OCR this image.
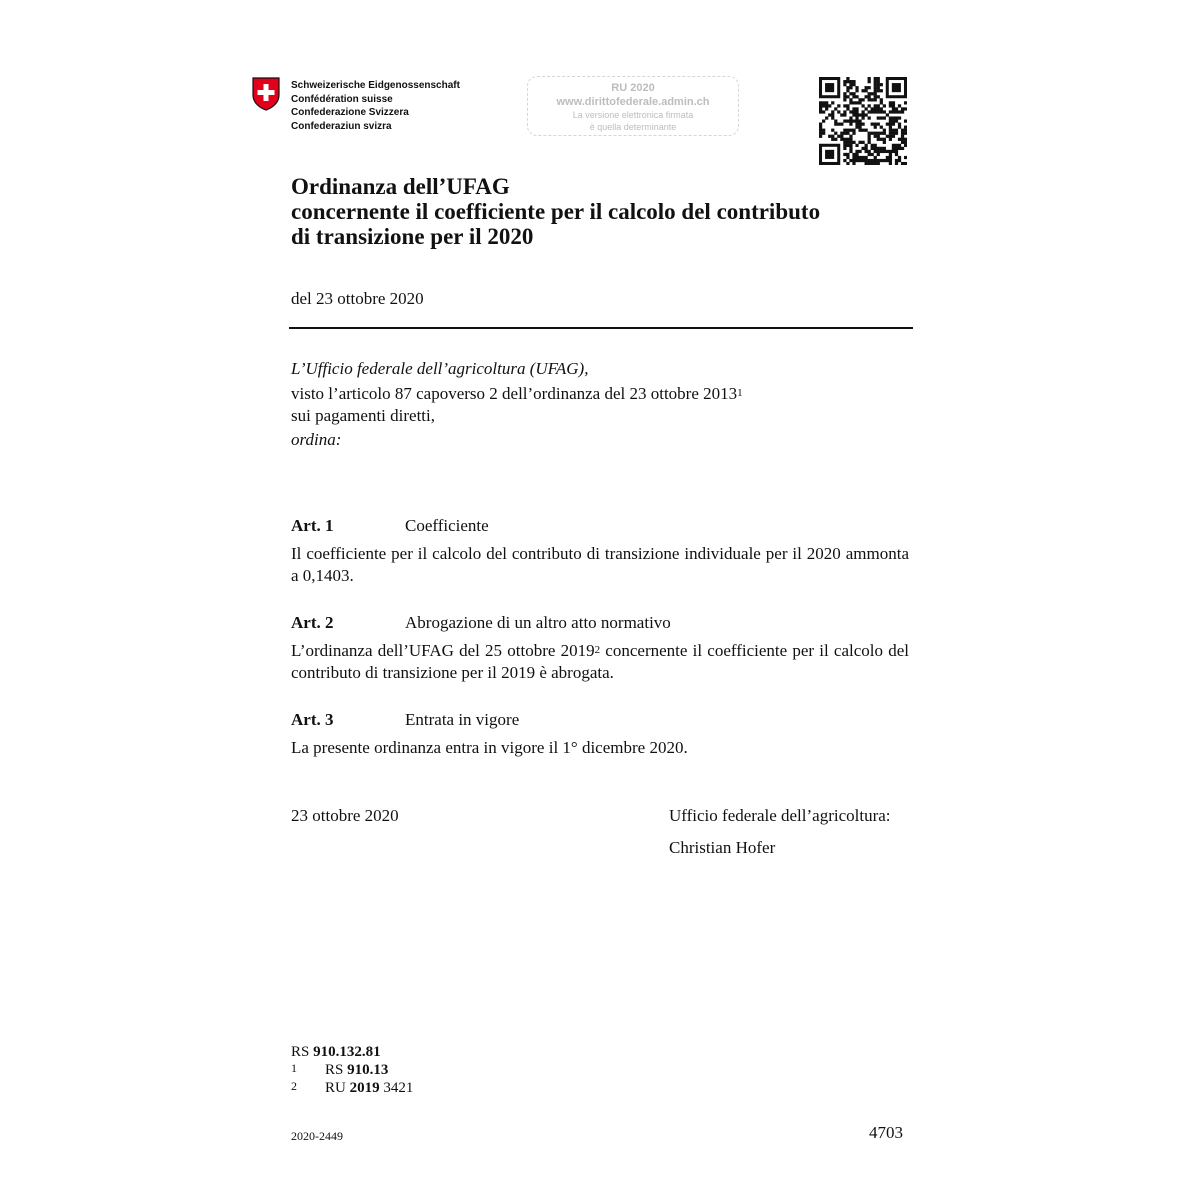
Schweizerische Eidgenossenschaft
Confédération suisse
Confederazione Svizzera
Confederaziun svizra
RU 2020
www.dirittofederale.admin.ch
La versione elettronica firmata
è quella determinante
Ordinanza dell’UFAG
concernente il coefficiente per il calcolo del contributo
di transizione per il 2020
del 23 ottobre 2020
L’Ufficio federale dell’agricoltura (UFAG),
visto l’articolo 87 capoverso 2 dell’ordinanza del 23 ottobre 2013$^1$
sui pagamenti diretti,
ordina:
Art. 1	Coefficiente
Il coefficiente per il calcolo del contributo di transizione individuale per il 2020 ammonta a 0,1403.
Art. 2	Abrogazione di un altro atto normativo
L’ordinanza dell’UFAG del 25 ottobre 2019$^2$ concernente il coefficiente per il calcolo del contributo di transizione per il 2019 è abrogata.
Art. 3	Entrata in vigore
La presente ordinanza entra in vigore il 1° dicembre 2020.
23 ottobre 2020	Ufficio federale dell’agricoltura:
Christian Hofer
RS 910.132.81
1 RS 910.13
2 RU 2019 3421
2020-2449	4703
